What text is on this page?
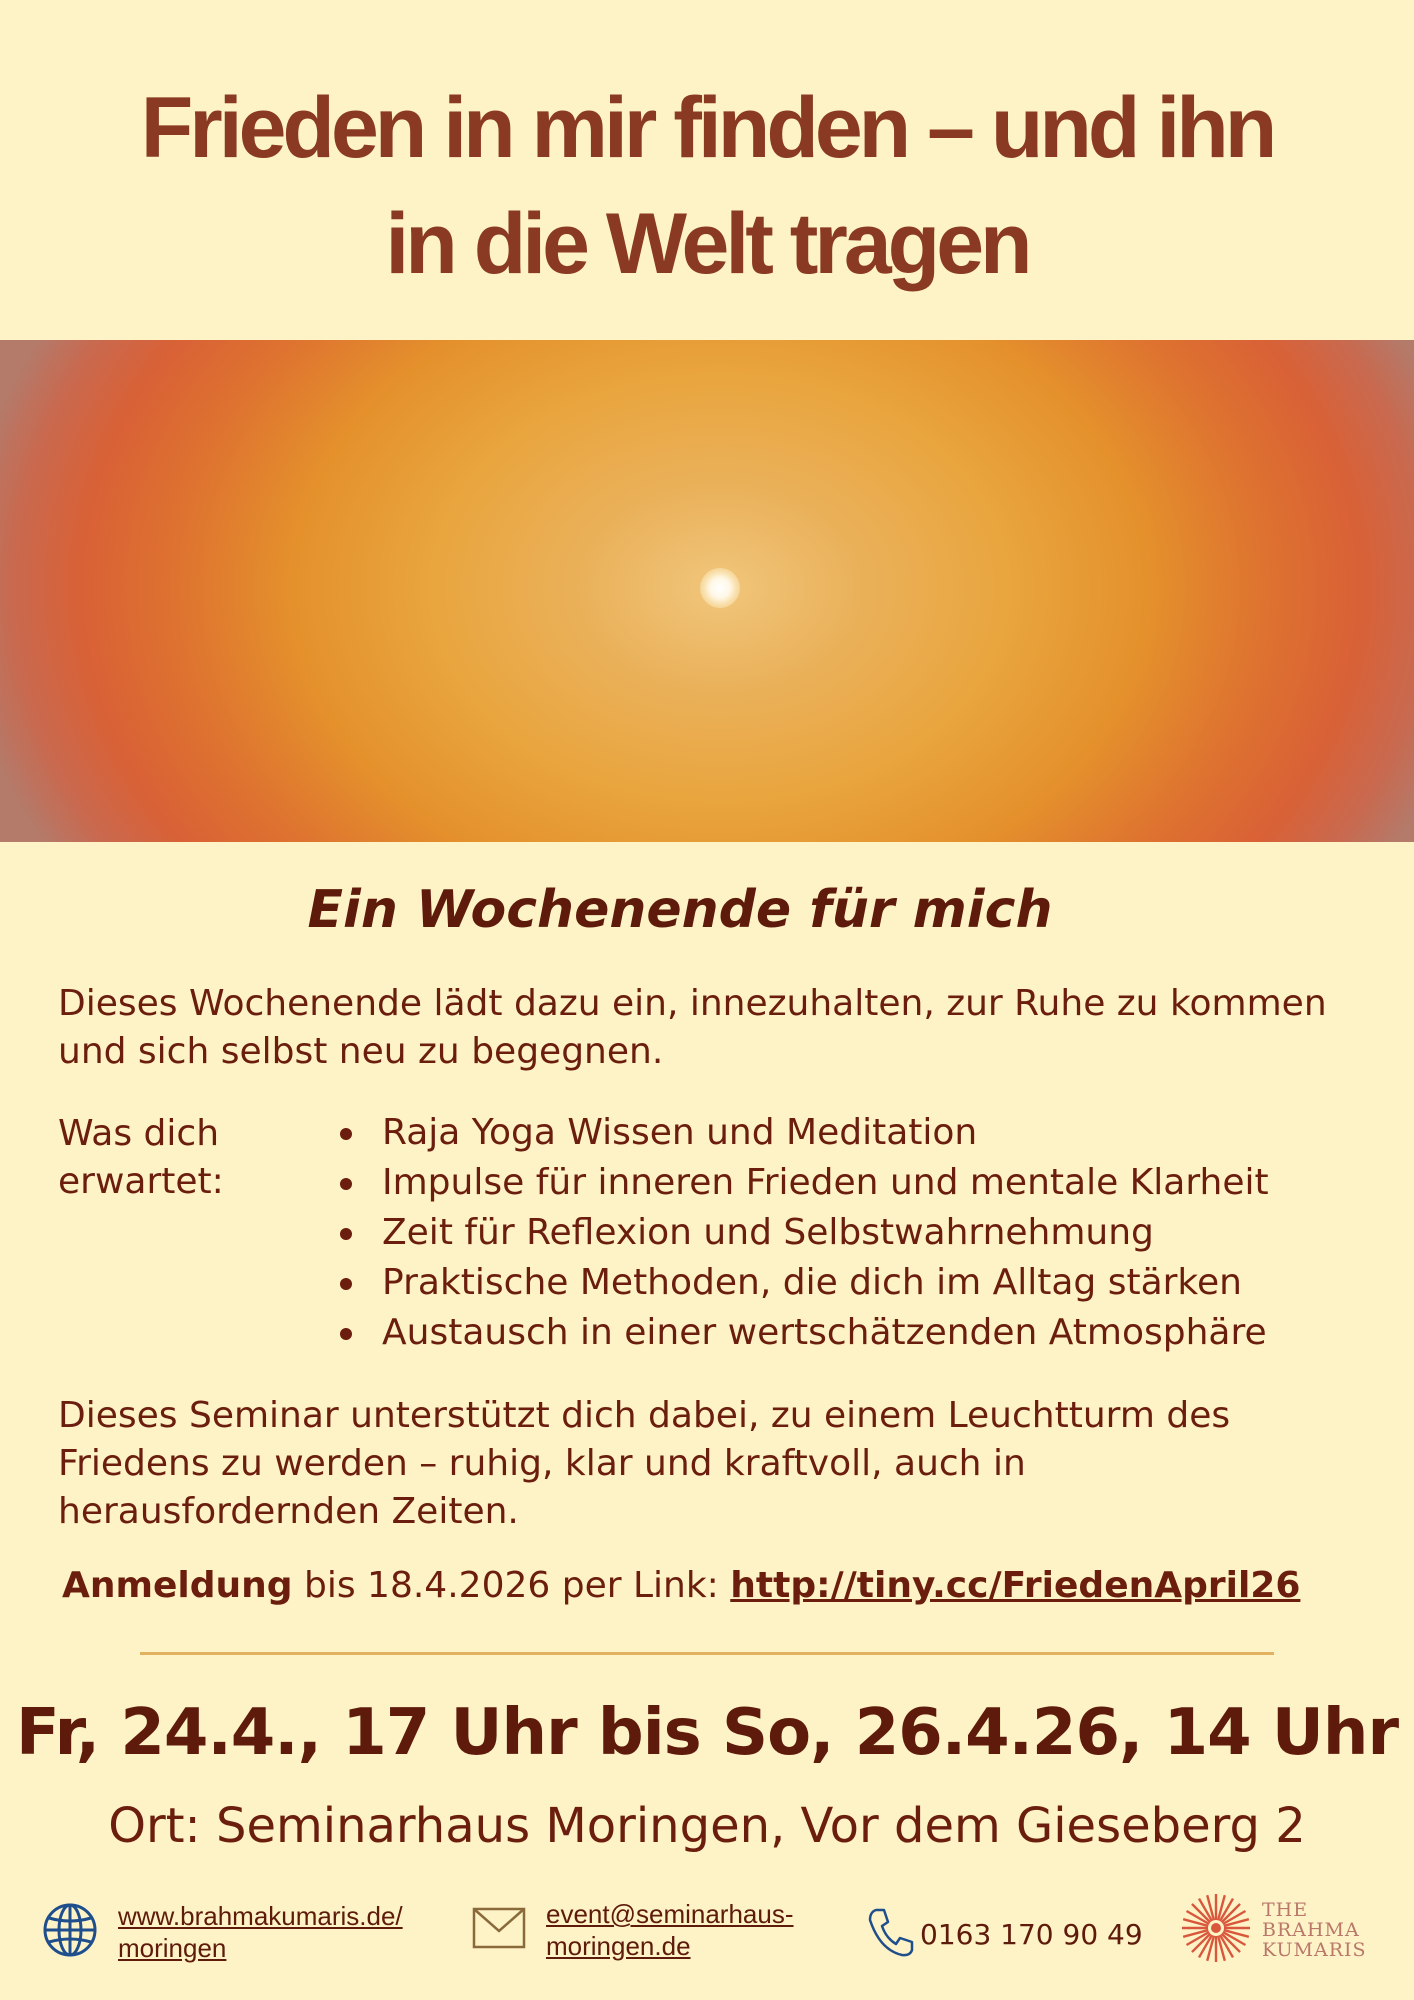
Frieden in mir finden – und ihn
in die Welt tragen
Ein Wochenende für mich

Dieses Wochenende lädt dazu ein, innezuhalten, zur Ruhe zu kommen und sich selbst neu zu begegnen.

Was dich
erwartet:
Raja Yoga Wissen und Meditation
Impulse für inneren Frieden und mentale Klarheit
Zeit für Reflexion und Selbstwahrnehmung
Praktische Methoden, die dich im Alltag stärken
Austausch in einer wertschätzenden Atmosphäre

Dieses Seminar unterstützt dich dabei, zu einem Leuchtturm des Friedens zu werden – ruhig, klar und kraftvoll, auch in herausfordernden Zeiten.

Anmeldung bis 18.4.2026 per Link: http://tiny.cc/FriedenApril26

Fr, 24.4., 17 Uhr bis So, 26.4.26, 14 Uhr
Ort: Seminarhaus Moringen, Vor dem Gieseberg 2
www.brahmakumaris.de/
moringen
event@seminarhaus-
moringen.de	0163 170 90 49
THE
BRAHMA
KUMARIS
